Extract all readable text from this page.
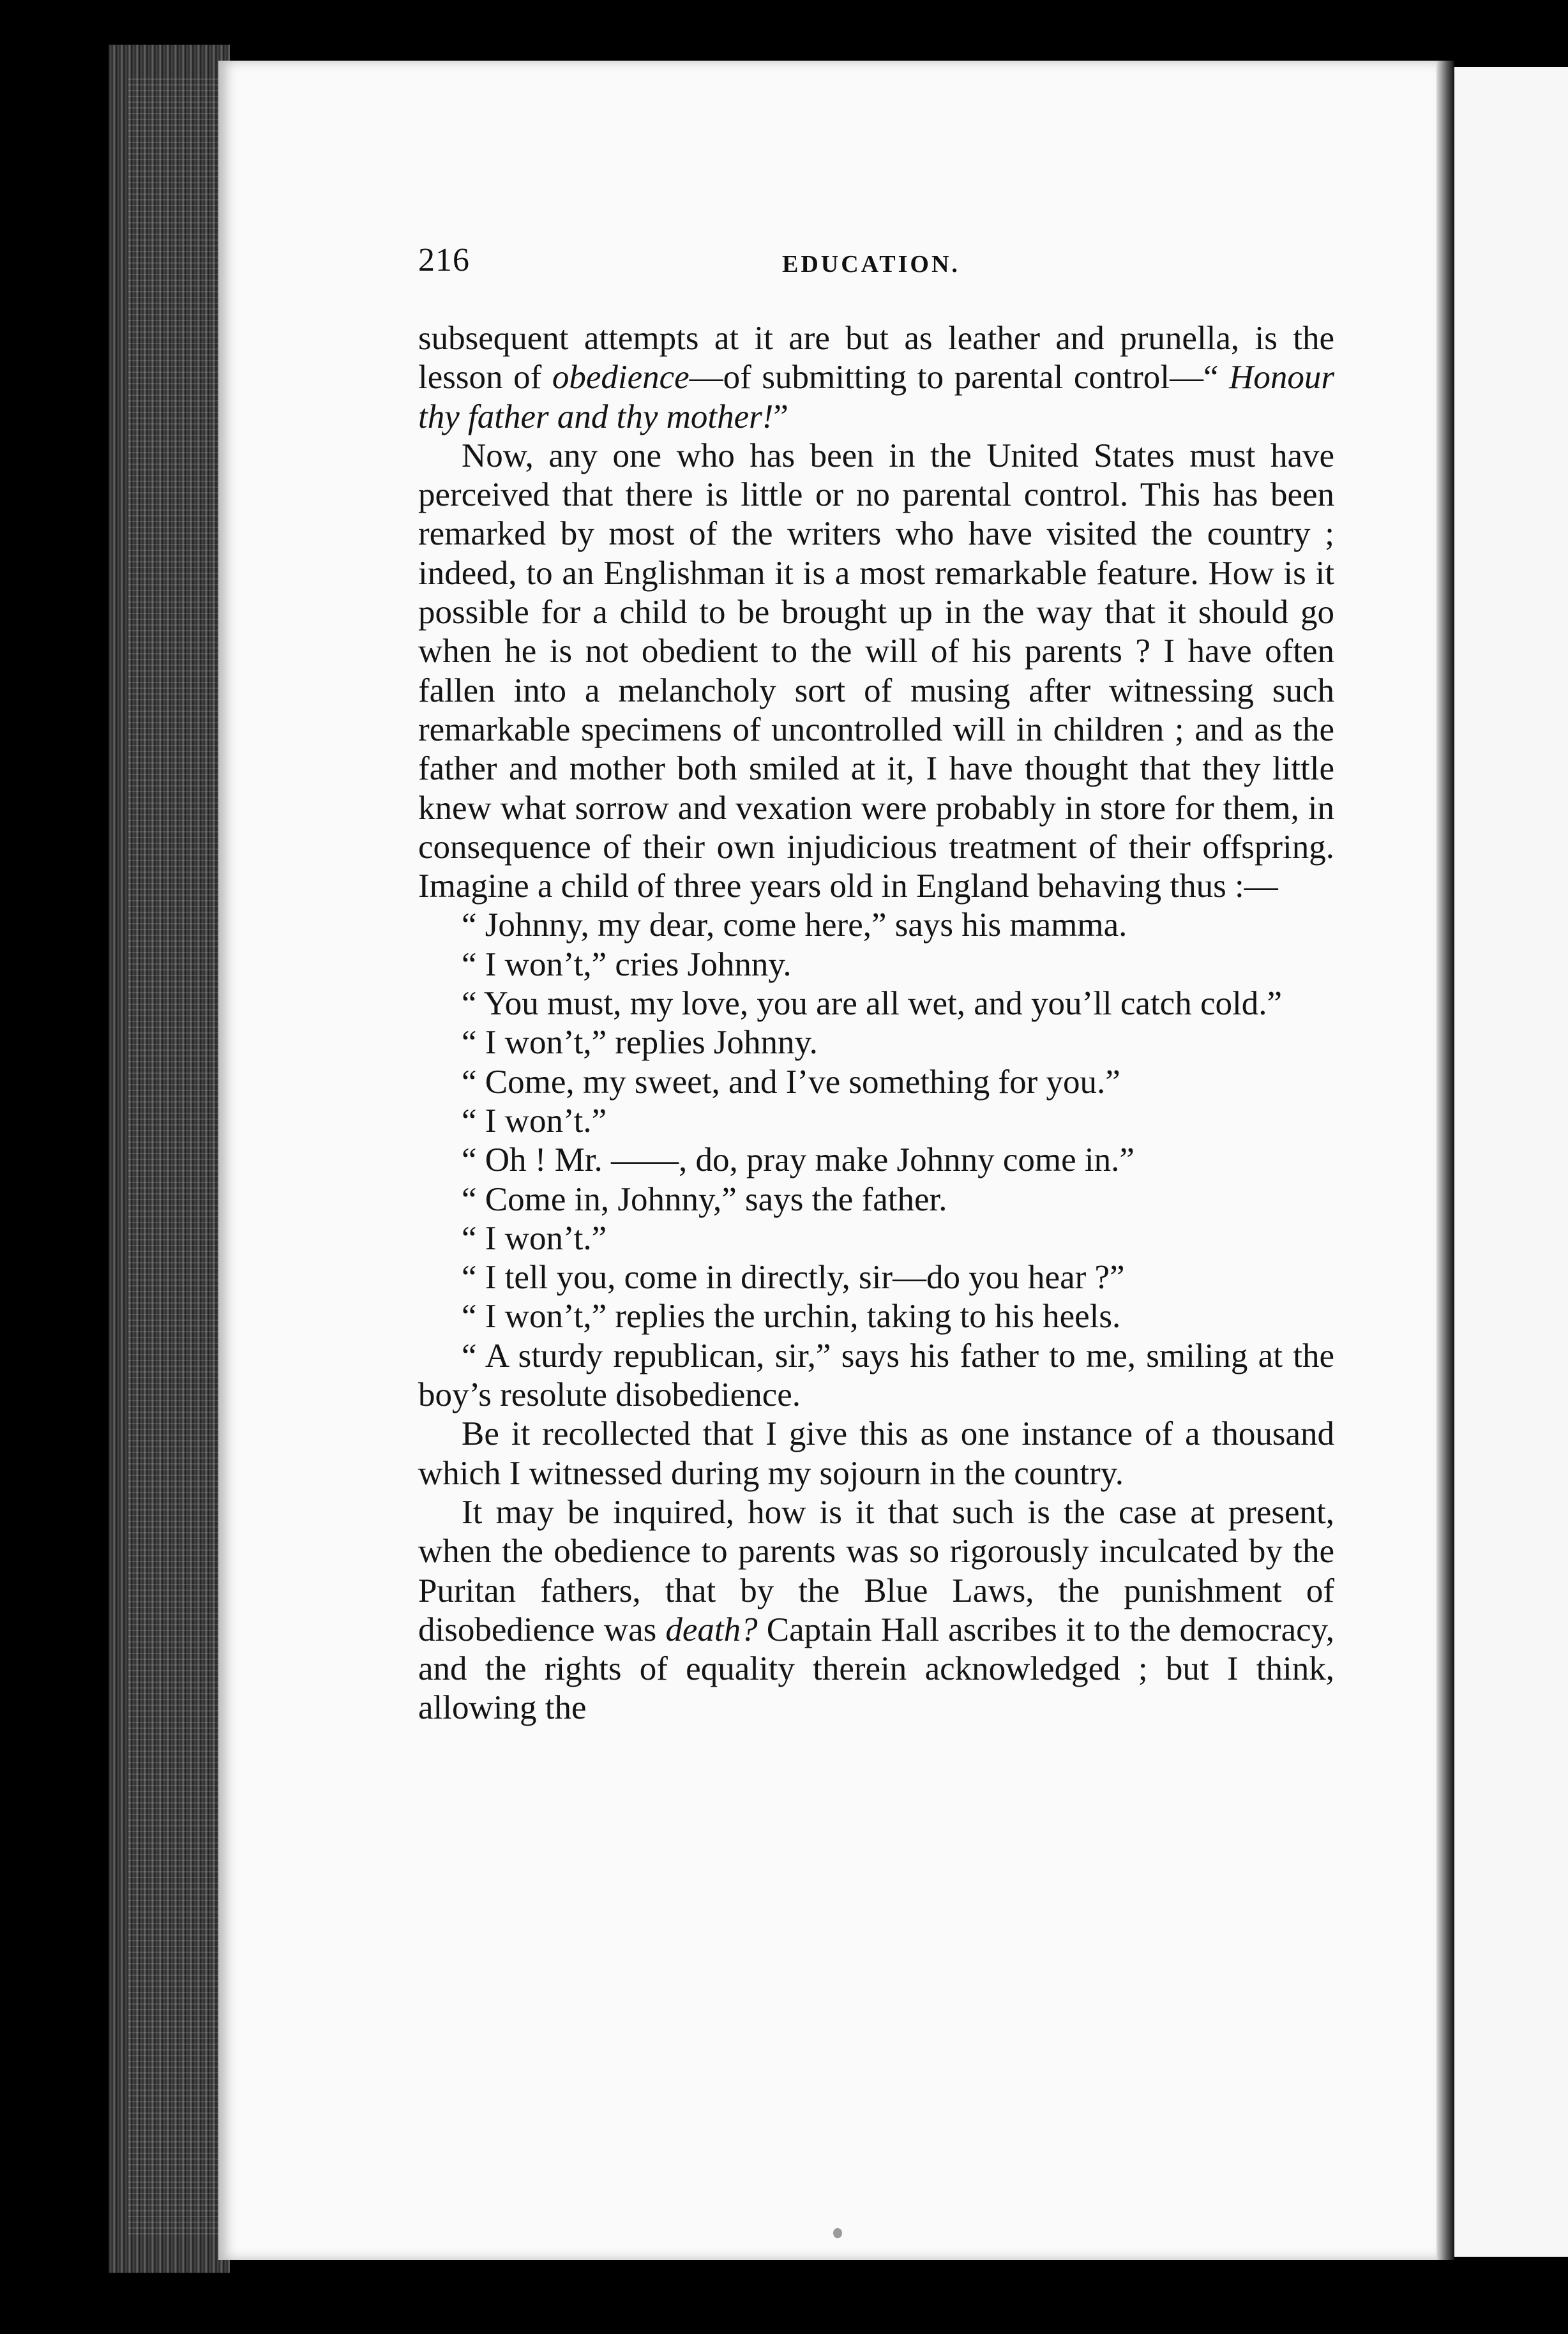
216	EDUCATION.

subsequent attempts at it are but as leather and prunella, is the lesson of obedience—of submitting to parental control—“ Honour thy father and thy mother!”

Now, any one who has been in the United States must have perceived that there is little or no parental control. This has been remarked by most of the writers who have visited the country ; indeed, to an Englishman it is a most remarkable feature. How is it possible for a child to be brought up in the way that it should go when he is not obedient to the will of his parents ? I have often fallen into a melancholy sort of musing after witnessing such remarkable specimens of uncontrolled will in children ; and as the father and mother both smiled at it, I have thought that they little knew what sorrow and vexation were probably in store for them, in consequence of their own injudicious treatment of their offspring. Imagine a child of three years old in England behaving thus :—

“ Johnny, my dear, come here,” says his mamma.

“ I won’t,” cries Johnny.

“ You must, my love, you are all wet, and you’ll catch cold.”

“ I won’t,” replies Johnny.

“ Come, my sweet, and I’ve something for you.”

“ I won’t.”

“ Oh ! Mr. ——, do, pray make Johnny come in.”

“ Come in, Johnny,” says the father.

“ I won’t.”

“ I tell you, come in directly, sir—do you hear ?”

“ I won’t,” replies the urchin, taking to his heels.

“ A sturdy republican, sir,” says his father to me, smiling at the boy’s resolute disobedience.

Be it recollected that I give this as one instance of a thousand which I witnessed during my sojourn in the country.

It may be inquired, how is it that such is the case at present, when the obedience to parents was so rigorously inculcated by the Puritan fathers, that by the Blue Laws, the punishment of disobedience was death? Captain Hall ascribes it to the democracy, and the rights of equality therein acknowledged ; but I think, allowing the
